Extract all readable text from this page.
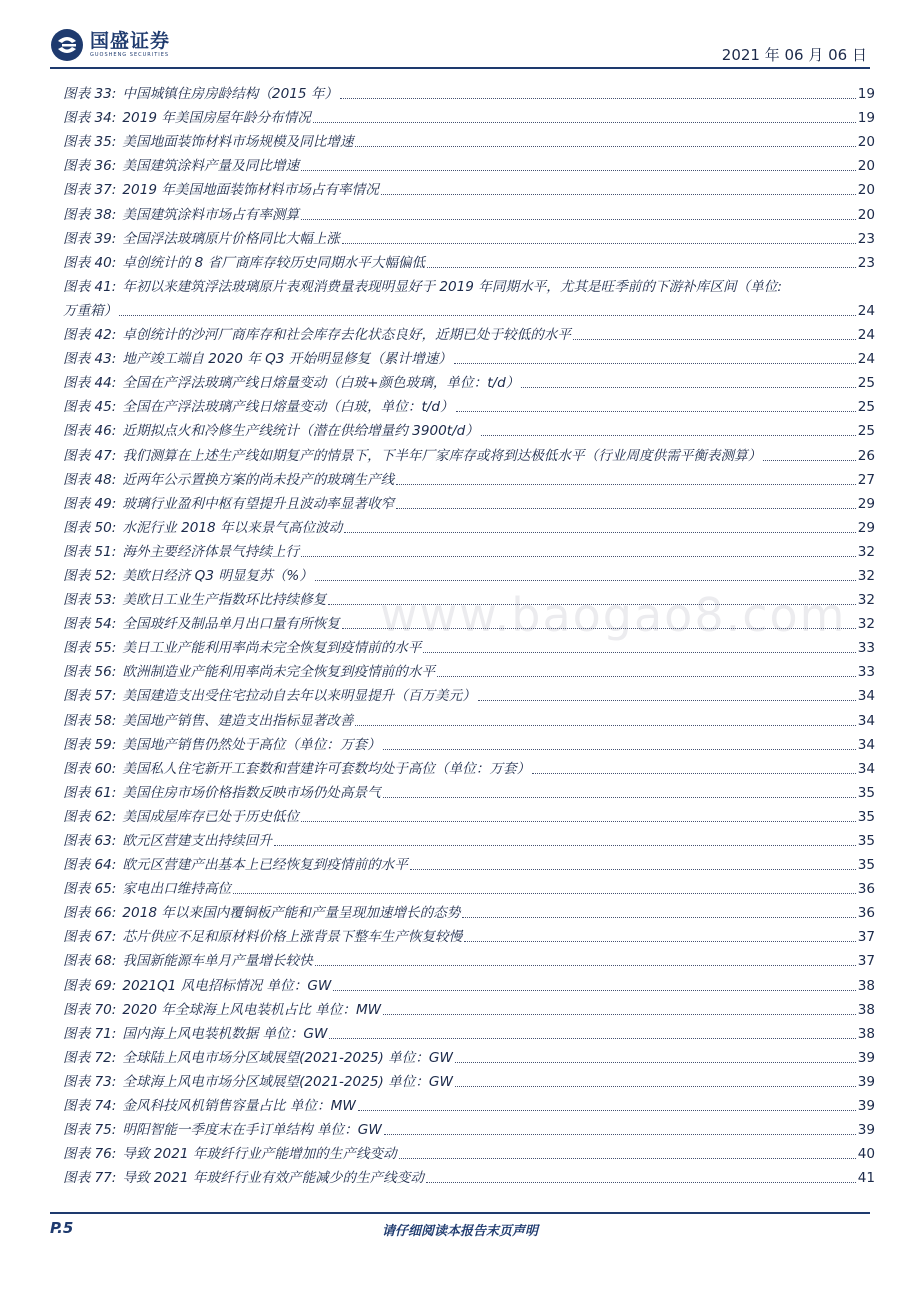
国盛证券
GUOSHENG SECURITIES	2021 年 06 月 06 日
www.baogao8.com
图表 33: 中国城镇住房房龄结构（2015 年）	19
图表 34: 2019 年美国房屋年龄分布情况	19
图表 35: 美国地面装饰材料市场规模及同比增速	20
图表 36: 美国建筑涂料产量及同比增速	20
图表 37: 2019 年美国地面装饰材料市场占有率情况	20
图表 38: 美国建筑涂料市场占有率测算	20
图表 39: 全国浮法玻璃原片价格同比大幅上涨	23
图表 40: 卓创统计的 8 省厂商库存较历史同期水平大幅偏低	23
图表 41: 年初以来建筑浮法玻璃原片表观消费量表现明显好于 2019 年同期水平，尤其是旺季前的下游补库区间（单位:
万重箱）	24
图表 42: 卓创统计的沙河厂商库存和社会库存去化状态良好，近期已处于较低的水平	24
图表 43: 地产竣工端自 2020 年 Q3 开始明显修复（累计增速）	24
图表 44: 全国在产浮法玻璃产线日熔量变动（白玻+颜色玻璃，单位：t/d）	25
图表 45: 全国在产浮法玻璃产线日熔量变动（白玻，单位：t/d）	25
图表 46: 近期拟点火和冷修生产线统计（潜在供给增量约 3900t/d）	25
图表 47: 我们测算在上述生产线如期复产的情景下，下半年厂家库存或将到达极低水平（行业周度供需平衡表测算）	26
图表 48: 近两年公示置换方案的尚未投产的玻璃生产线	27
图表 49: 玻璃行业盈利中枢有望提升且波动率显著收窄	29
图表 50: 水泥行业 2018 年以来景气高位波动	29
图表 51: 海外主要经济体景气持续上行	32
图表 52: 美欧日经济 Q3 明显复苏（%）	32
图表 53: 美欧日工业生产指数环比持续修复	32
图表 54: 全国玻纤及制品单月出口量有所恢复	32
图表 55: 美日工业产能利用率尚未完全恢复到疫情前的水平	33
图表 56: 欧洲制造业产能利用率尚未完全恢复到疫情前的水平	33
图表 57: 美国建造支出受住宅拉动自去年以来明显提升（百万美元）	34
图表 58: 美国地产销售、建造支出指标显著改善	34
图表 59: 美国地产销售仍然处于高位（单位：万套）	34
图表 60: 美国私人住宅新开工套数和营建许可套数均处于高位（单位：万套）	34
图表 61: 美国住房市场价格指数反映市场仍处高景气	35
图表 62: 美国成屋库存已处于历史低位	35
图表 63: 欧元区营建支出持续回升	35
图表 64: 欧元区营建产出基本上已经恢复到疫情前的水平	35
图表 65: 家电出口维持高位	36
图表 66: 2018 年以来国内覆铜板产能和产量呈现加速增长的态势	36
图表 67: 芯片供应不足和原材料价格上涨背景下整车生产恢复较慢	37
图表 68: 我国新能源车单月产量增长较快	37
图表 69: 2021Q1 风电招标情况 单位：GW	38
图表 70: 2020 年全球海上风电装机占比 单位：MW	38
图表 71: 国内海上风电装机数据 单位：GW	38
图表 72: 全球陆上风电市场分区域展望(2021-2025) 单位：GW	39
图表 73: 全球海上风电市场分区域展望(2021-2025) 单位：GW	39
图表 74: 金风科技风机销售容量占比 单位：MW	39
图表 75: 明阳智能一季度末在手订单结构 单位：GW	39
图表 76: 导致 2021 年玻纤行业产能增加的生产线变动	40
图表 77: 导致 2021 年玻纤行业有效产能减少的生产线变动	41
P.5	请仔细阅读本报告末页声明
